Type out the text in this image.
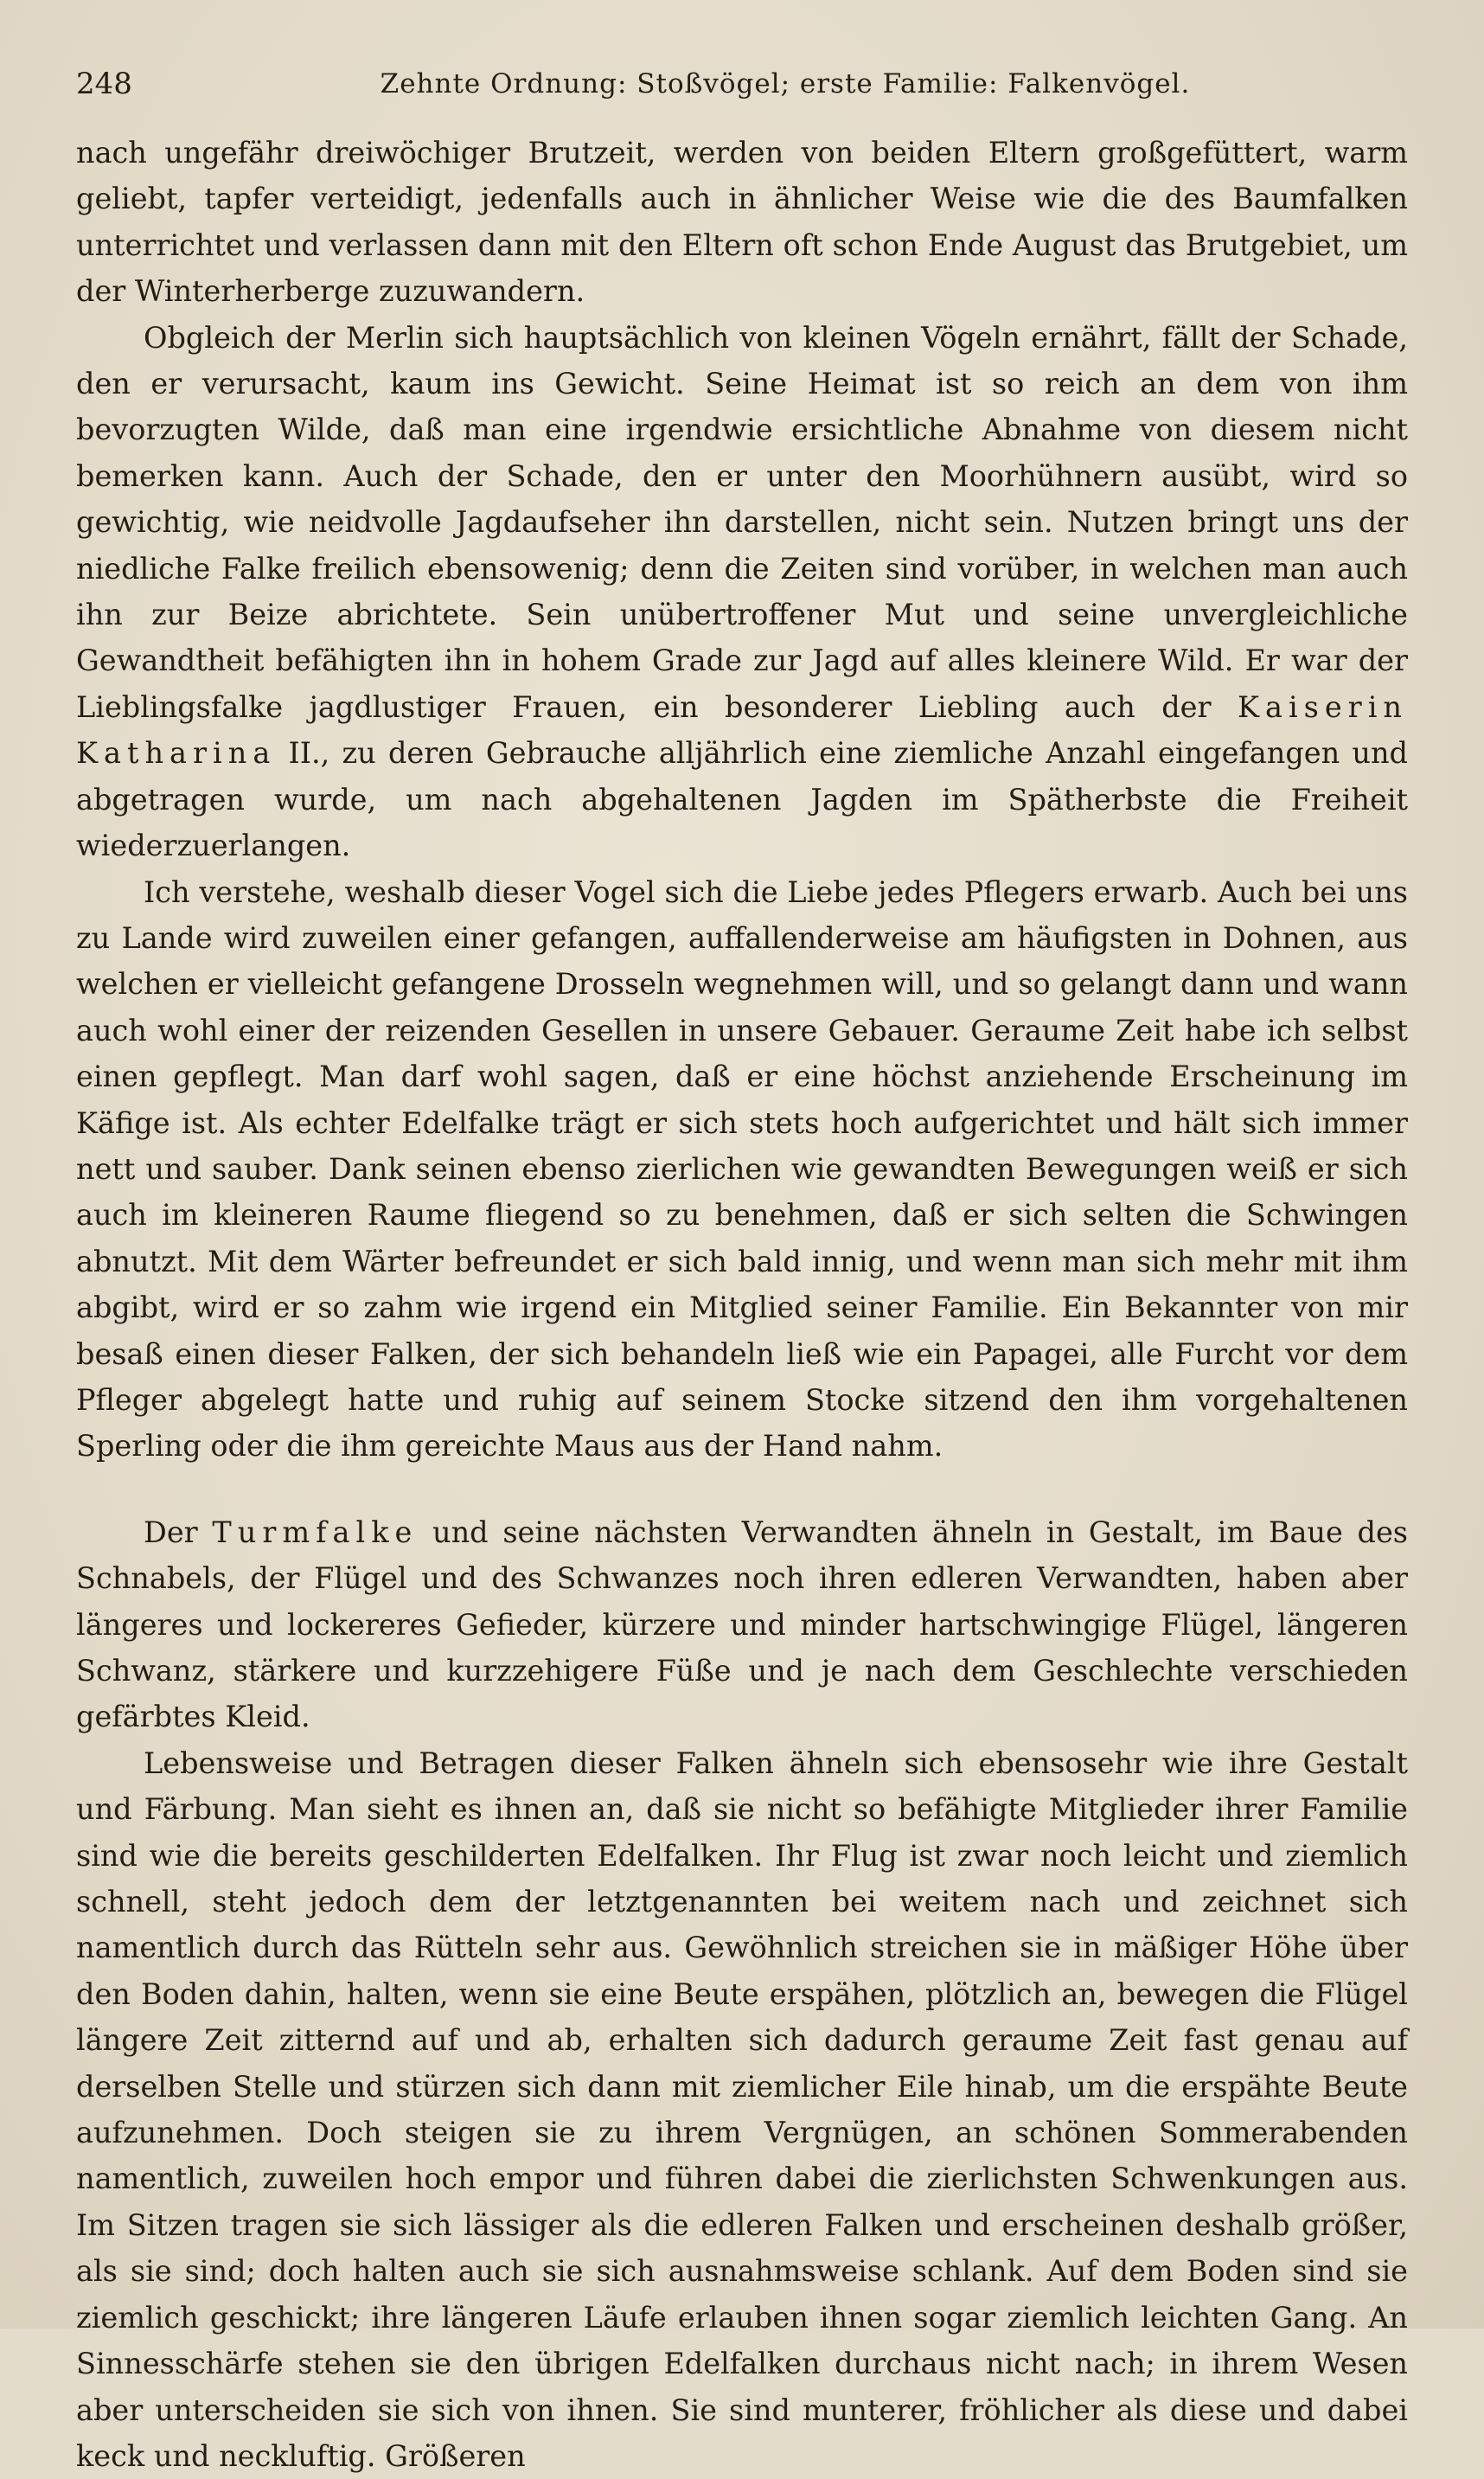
248	Zehnte Ordnung: Stoßvögel; erste Familie: Falkenvögel.

nach ungefähr dreiwöchiger Brutzeit, werden von beiden Eltern großgefüttert, warm geliebt, tapfer verteidigt, jedenfalls auch in ähnlicher Weise wie die des Baumfalken unterrichtet und verlassen dann mit den Eltern oft schon Ende August das Brutgebiet, um der Winterherberge zuzuwandern.

Obgleich der Merlin sich hauptsächlich von kleinen Vögeln ernährt, fällt der Schade, den er verursacht, kaum ins Gewicht. Seine Heimat ist so reich an dem von ihm bevorzugten Wilde, daß man eine irgendwie ersichtliche Abnahme von diesem nicht bemerken kann. Auch der Schade, den er unter den Moorhühnern ausübt, wird so gewichtig, wie neidvolle Jagdaufseher ihn darstellen, nicht sein. Nutzen bringt uns der niedliche Falke freilich ebensowenig; denn die Zeiten sind vorüber, in welchen man auch ihn zur Beize abrichtete. Sein unübertroffener Mut und seine unvergleichliche Gewandtheit befähigten ihn in hohem Grade zur Jagd auf alles kleinere Wild. Er war der Lieblingsfalke jagdlustiger Frauen, ein besonderer Liebling auch der Kaiserin Katharina II., zu deren Gebrauche alljährlich eine ziemliche Anzahl eingefangen und abgetragen wurde, um nach abgehaltenen Jagden im Spätherbste die Freiheit wiederzuerlangen.

Ich verstehe, weshalb dieser Vogel sich die Liebe jedes Pflegers erwarb. Auch bei uns zu Lande wird zuweilen einer gefangen, auffallenderweise am häufigsten in Dohnen, aus welchen er vielleicht gefangene Drosseln wegnehmen will, und so gelangt dann und wann auch wohl einer der reizenden Gesellen in unsere Gebauer. Geraume Zeit habe ich selbst einen gepflegt. Man darf wohl sagen, daß er eine höchst anziehende Erscheinung im Käfige ist. Als echter Edelfalke trägt er sich stets hoch aufgerichtet und hält sich immer nett und sauber. Dank seinen ebenso zierlichen wie gewandten Bewegungen weiß er sich auch im kleineren Raume fliegend so zu benehmen, daß er sich selten die Schwingen abnutzt. Mit dem Wärter befreundet er sich bald innig, und wenn man sich mehr mit ihm abgibt, wird er so zahm wie irgend ein Mitglied seiner Familie. Ein Bekannter von mir besaß einen dieser Falken, der sich behandeln ließ wie ein Papagei, alle Furcht vor dem Pfleger abgelegt hatte und ruhig auf seinem Stocke sitzend den ihm vorgehaltenen Sperling oder die ihm gereichte Maus aus der Hand nahm.

Der Turmfalke und seine nächsten Verwandten ähneln in Gestalt, im Baue des Schnabels, der Flügel und des Schwanzes noch ihren edleren Verwandten, haben aber längeres und lockereres Gefieder, kürzere und minder hartschwingige Flügel, längeren Schwanz, stärkere und kurzzehigere Füße und je nach dem Geschlechte verschieden gefärbtes Kleid.

Lebensweise und Betragen dieser Falken ähneln sich ebensosehr wie ihre Gestalt und Färbung. Man sieht es ihnen an, daß sie nicht so befähigte Mitglieder ihrer Familie sind wie die bereits geschilderten Edelfalken. Ihr Flug ist zwar noch leicht und ziemlich schnell, steht jedoch dem der letztgenannten bei weitem nach und zeichnet sich namentlich durch das Rütteln sehr aus. Gewöhnlich streichen sie in mäßiger Höhe über den Boden dahin, halten, wenn sie eine Beute erspähen, plötzlich an, bewegen die Flügel längere Zeit zitternd auf und ab, erhalten sich dadurch geraume Zeit fast genau auf derselben Stelle und stürzen sich dann mit ziemlicher Eile hinab, um die erspähte Beute aufzunehmen. Doch steigen sie zu ihrem Vergnügen, an schönen Sommerabenden namentlich, zuweilen hoch empor und führen dabei die zierlichsten Schwenkungen aus. Im Sitzen tragen sie sich lässiger als die edleren Falken und erscheinen deshalb größer, als sie sind; doch halten auch sie sich ausnahmsweise schlank. Auf dem Boden sind sie ziemlich geschickt; ihre längeren Läufe erlauben ihnen sogar ziemlich leichten Gang. An Sinnesschärfe stehen sie den übrigen Edelfalken durchaus nicht nach; in ihrem Wesen aber unterscheiden sie sich von ihnen. Sie sind munterer, fröhlicher als diese und dabei keck und neckluftig. Größeren
